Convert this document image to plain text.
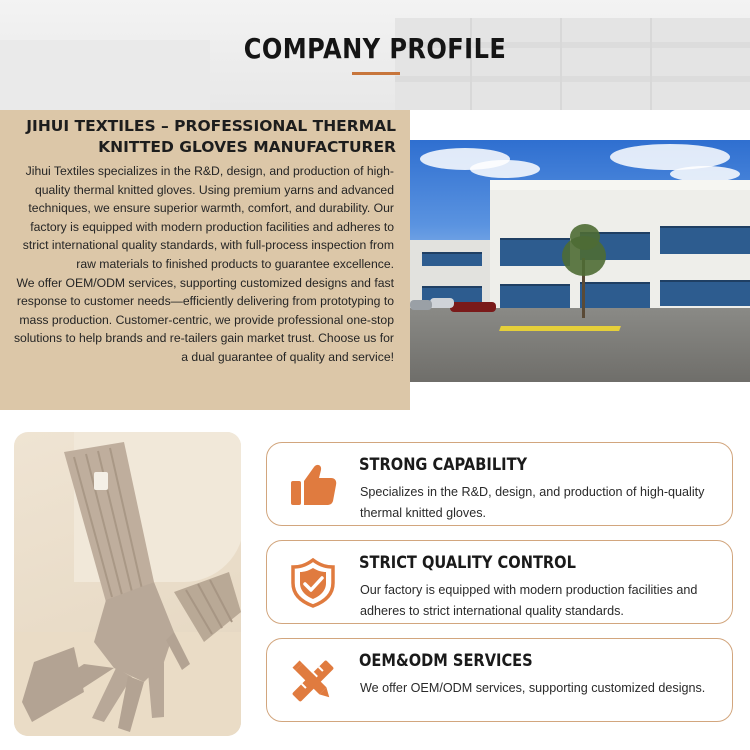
COMPANY PROFILE
JIHUI TEXTILES – PROFESSIONAL THERMAL
KNITTED GLOVES MANUFACTURER

Jihui Textiles specializes in the R&D, design, and production of high-quality thermal knitted gloves. Using premium yarns and advanced techniques, we ensure superior warmth, comfort, and durability. Our factory is equipped with modern production facilities and adheres to strict international quality standards, with full-process inspection from raw materials to finished products to guarantee excellence.

We offer OEM/ODM services, supporting customized designs and fast response to customer needs—efficiently delivering from prototyping to mass production. Customer-centric, we provide professional one-stop solutions to help brands and re-tailers gain market trust. Choose us for a dual guarantee of quality and service!

STRONG CAPABILITY
Specializes in the R&D, design, and production of high-quality thermal knitted gloves.
STRICT QUALITY CONTROL
Our factory is equipped with modern production facilities and adheres to strict international quality standards.
OEM&ODM SERVICES
We offer OEM/ODM services, supporting customized designs.
